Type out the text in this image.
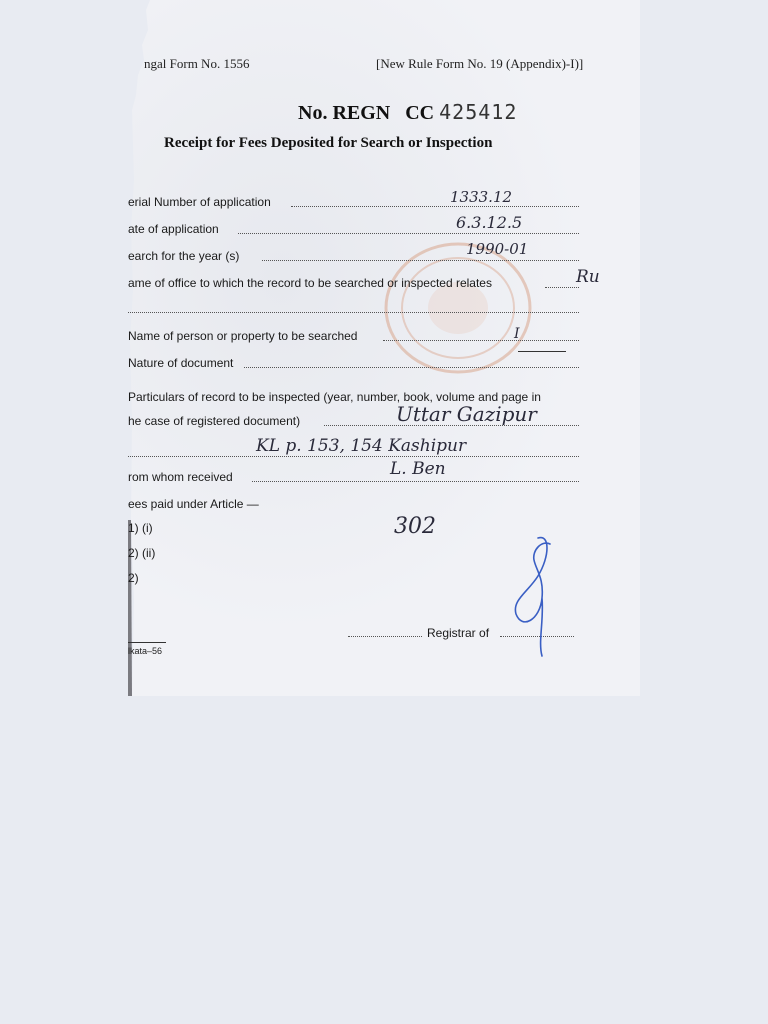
ngal Form No. 1556	[New Rule Form No. 19 (Appendix)-I)]
No. REGN   CC 425412
Receipt for Fees Deposited for Search or Inspection
erial Number of application	1333.12
ate of application	6.3.12.5
earch for the year (s)	1990-01
ame of office to which the record to be searched or inspected relates	Ru
Name of person or property to be searched	I
Nature of document
Particulars of record to be inspected (year, number, book, volume and page in
he case of registered document)	Uttar Gazipur
KL p. 153, 154 Kashipur
rom whom received	L. Ben
ees paid under Article —
1) (i)	302
2) (ii)
2)
Registrar of
lkata–56
